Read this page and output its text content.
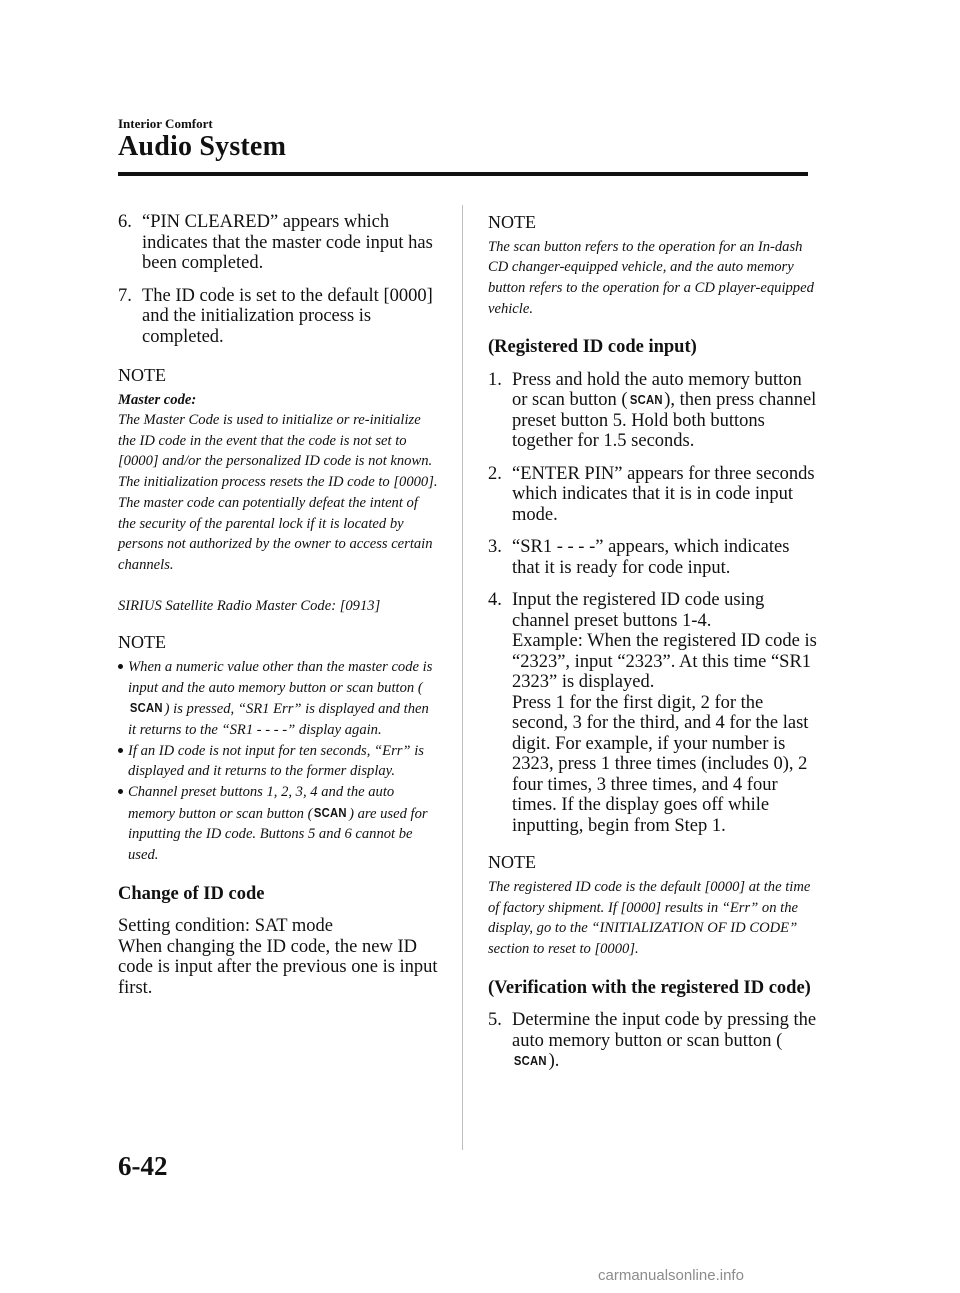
Interior Comfort
Audio System
6. “PIN CLEARED” appears which indicates that the master code input has been completed.
7. The ID code is set to the default [0000] and the initialization process is completed.
NOTE
Master code:
The Master Code is used to initialize or re-initialize the ID code in the event that the code is not set to [0000] and/or the personalized ID code is not known. The initialization process resets the ID code to [0000]. The master code can potentially defeat the intent of the security of the parental lock if it is located by persons not authorized by the owner to access certain channels.
SIRIUS Satellite Radio Master Code: [0913]
NOTE
When a numeric value other than the master code is input and the auto memory button or scan button (SCAN ) is pressed, “SR1 Err” is displayed and then it returns to the “SR1 - - - -” display again.
If an ID code is not input for ten seconds, “Err” is displayed and it returns to the former display.
Channel preset buttons 1, 2, 3, 4 and the auto memory button or scan button ( SCAN ) are used for inputting the ID code. Buttons 5 and 6 cannot be used.
Change of ID code
Setting condition: SAT mode
When changing the ID code, the new ID code is input after the previous one is input first.
NOTE
The scan button refers to the operation for an In-dash CD changer-equipped vehicle, and the auto memory button refers to the operation for a CD player-equipped vehicle.
(Registered ID code input)
1. Press and hold the auto memory button or scan button ( SCAN), then press channel preset button 5. Hold both buttons together for 1.5 seconds.
2. “ENTER PIN” appears for three seconds which indicates that it is in code input mode.
3. “SR1 - - - -” appears, which indicates that it is ready for code input.
4. Input the registered ID code using channel preset buttons 1-4.
Example: When the registered ID code is “2323”, input “2323”. At this time “SR1 2323” is displayed.
Press 1 for the first digit, 2 for the second, 3 for the third, and 4 for the last digit. For example, if your number is 2323, press 1 three times (includes 0), 2 four times, 3 three times, and 4 four times. If the display goes off while inputting, begin from Step 1.
NOTE
The registered ID code is the default [0000] at the time of factory shipment. If [0000] results in “Err” on the display, go to the “INITIALIZATION OF ID CODE” section to reset to [0000].
(Verification with the registered ID code)
5. Determine the input code by pressing the auto memory button or scan button (SCAN).
6-42
carmanualsonline.info
